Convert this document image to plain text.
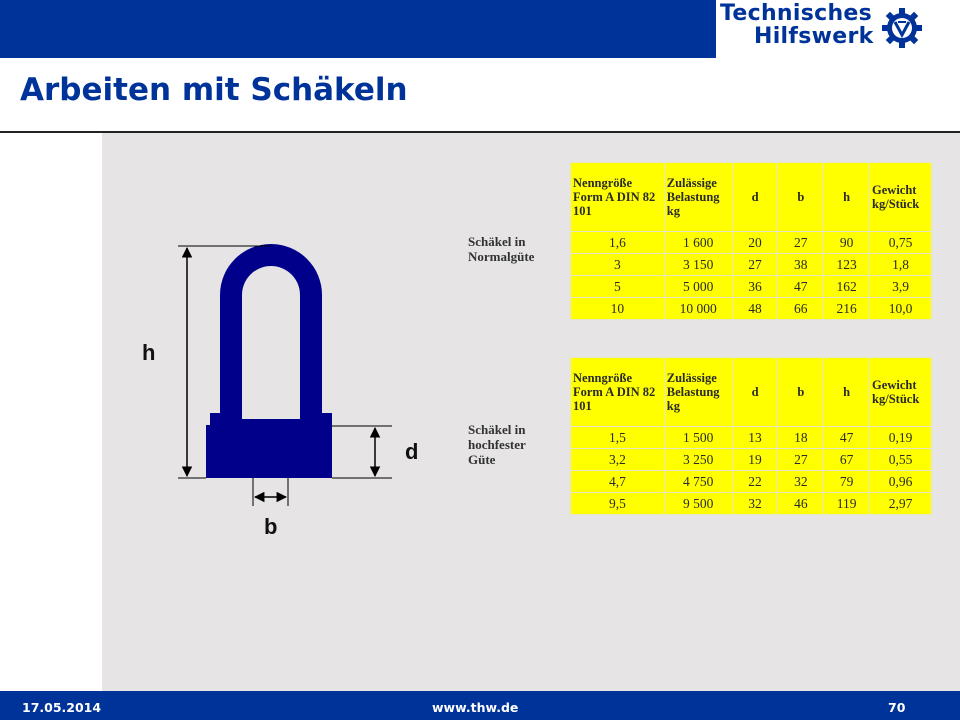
Technisches
Hilfswerk
Arbeiten mit Schäkeln
h
d
b
Schäkel in
Normalgüte
Nenngröße Form A DIN 82 101	Zulässige Belastung kg	d	b	h	Gewicht kg/Stück
1,6	1 600	20	27	90	0,75
3	3 150	27	38	123	1,8
5	5 000	36	47	162	3,9
10	10 000	48	66	216	10,0
Schäkel in
hochfester
Güte
Nenngröße Form A DIN 82 101	Zulässige Belastung kg	d	b	h	Gewicht kg/Stück
1,5	1 500	13	18	47	0,19
3,2	3 250	19	27	67	0,55
4,7	4 750	22	32	79	0,96
9,5	9 500	32	46	119	2,97
17.05.2014	www.thw.de	70
